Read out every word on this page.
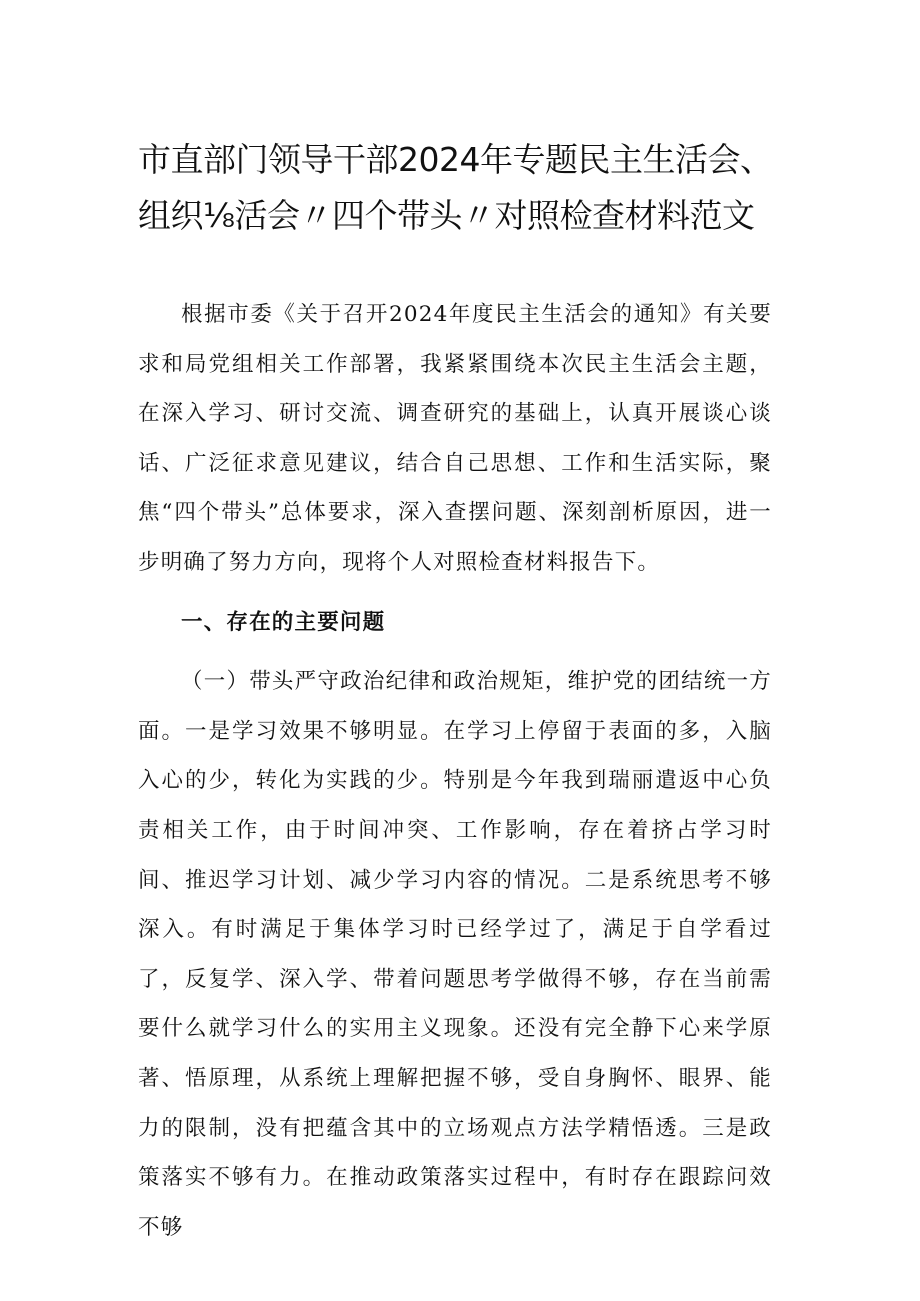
市直部门领导干部2024年专题民主生活会、
组织⅛活会〃四个带头〃对照检查材料范文

根据市委《关于召开2024年度民主生活会的通知》有关要求和局党组相关工作部署，我紧紧围绕本次民主生活会主题，在深入学习、研讨交流、调查研究的基础上，认真开展谈心谈话、广泛征求意见建议，结合自己思想、工作和生活实际，聚焦“四个带头”总体要求，深入查摆问题、深刻剖析原因，进一步明确了努力方向，现将个人对照检查材料报告下。

一、存在的主要问题

（一）带头严守政治纪律和政治规矩，维护党的团结统一方面。一是学习效果不够明显。在学习上停留于表面的多，入脑入心的少，转化为实践的少。特别是今年我到瑞丽遣返中心负责相关工作，由于时间冲突、工作影响，存在着挤占学习时间、推迟学习计划、减少学习内容的情况。二是系统思考不够深入。有时满足于集体学习时已经学过了，满足于自学看过了，反复学、深入学、带着问题思考学做得不够，存在当前需要什么就学习什么的实用主义现象。还没有完全静下心来学原著、悟原理，从系统上理解把握不够，受自身胸怀、眼界、能力的限制，没有把蕴含其中的立场观点方法学精悟透。三是政策落实不够有力。在推动政策落实过程中，有时存在跟踪问效不够
